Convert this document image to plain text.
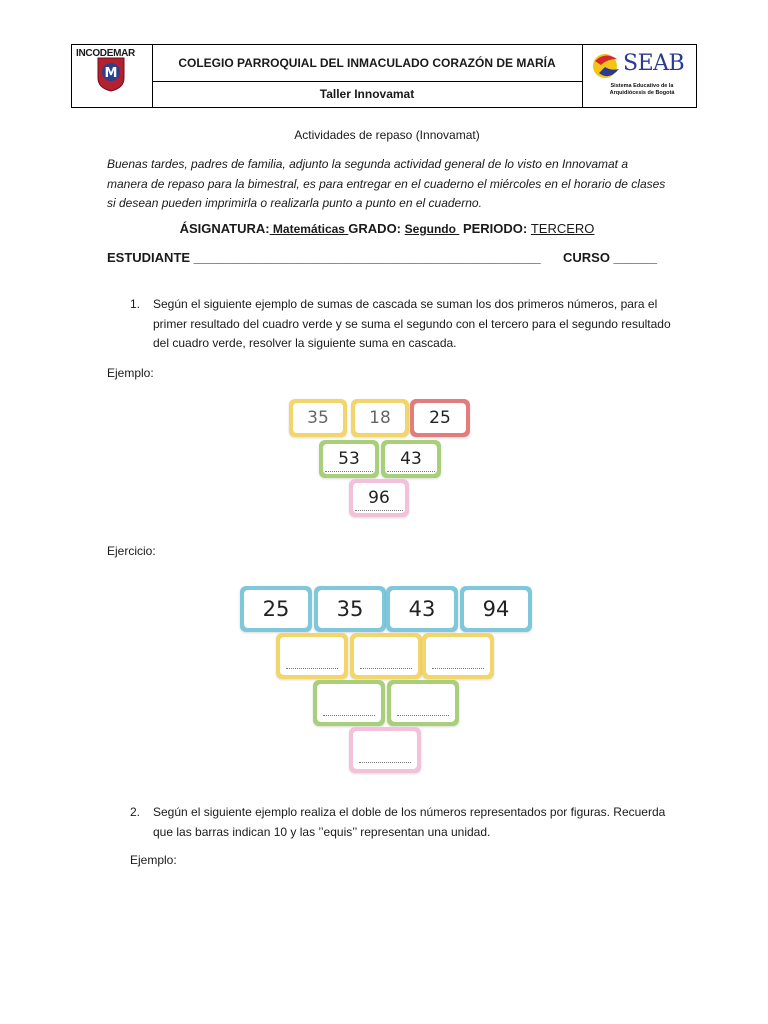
INCODEMAR
M
COLEGIO PARROQUIAL DEL INMACULADO CORAZÓN DE MARÍA
Taller Innovamat
SEAB
Sistema Educativo de la Arquidiócesis de Bogotá
Actividades de repaso (Innovamat)
Buenas tardes, padres de familia, adjunto la segunda actividad general de lo visto en Innovamat a manera de repaso para la bimestral, es para entregar en el cuaderno el miércoles en el horario de clases si desean pueden imprimirla o realizarla punto a punto en el cuaderno.
ÁSIGNATURA: Matemáticas GRADO: Segundo  PERIODO: TERCERO
ESTUDIANTE ________________________________________________ CURSO ______
1. Según el siguiente ejemplo de sumas de cascada se suman los dos primeros números, para el primer resultado del cuadro verde y se suma el segundo con el tercero para el segundo resultado del cuadro verde, resolver la siguiente suma en cascada.
Ejemplo:
35 18 25
53 43
96
Ejercicio:
25 35 43 94
2. Según el siguiente ejemplo realiza el doble de los números representados por figuras. Recuerda que las barras indican 10 y las ’’equis’’ representan una unidad.
Ejemplo:
